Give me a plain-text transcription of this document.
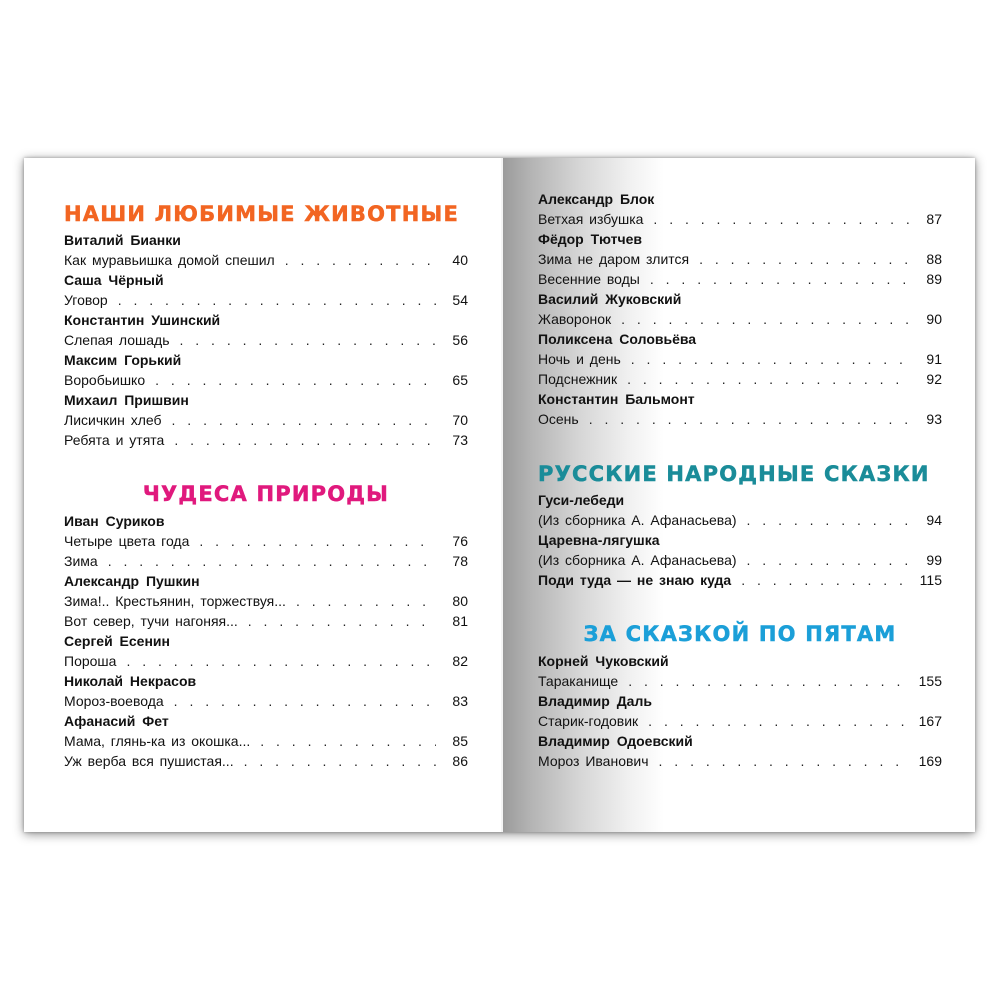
НАШИ ЛЮБИМЫЕ ЖИВОТНЫЕ
Виталий Бианки
Как муравьишка домой спешил . . .	40
Саша Чёрный
Уговор . . .	54
Константин Ушинский
Слепая лошадь . . .	56
Максим Горький
Воробьишко . . .	65
Михаил Пришвин
Лисичкин хлеб . . .	70
Ребята и утята . . .	73
ЧУДЕСА ПРИРОДЫ
Иван Суриков
Четыре цвета года . . .	76
Зима . . .	78
Александр Пушкин
Зима!.. Крестьянин, торжествуя... . . .	80
Вот север, тучи нагоняя... . . .	81
Сергей Есенин
Пороша . . .	82
Николай Некрасов
Мороз-воевода . . .	83
Афанасий Фет
Мама, глянь-ка из окошка... . . .	85
Уж верба вся пушистая... . . .	86
Александр Блок
Ветхая избушка . . .	87
Фёдор Тютчев
Зима не даром злится . . .	88
Весенние воды . . .	89
Василий Жуковский
Жаворонок . . .	90
Поликсена Соловьёва
Ночь и день . . .	91
Подснежник . . .	92
Константин Бальмонт
Осень . . .	93
РУССКИЕ НАРОДНЫЕ СКАЗКИ
Гуси-лебеди
(Из сборника А. Афанасьева) . . .	94
Царевна-лягушка
(Из сборника А. Афанасьева) . . .	99
Поди туда — не знаю куда . . .	115
ЗА СКАЗКОЙ ПО ПЯТАМ
Корней Чуковский
Тараканище . . .	155
Владимир Даль
Старик-годовик . . .	167
Владимир Одоевский
Мороз Иванович . . .	169
